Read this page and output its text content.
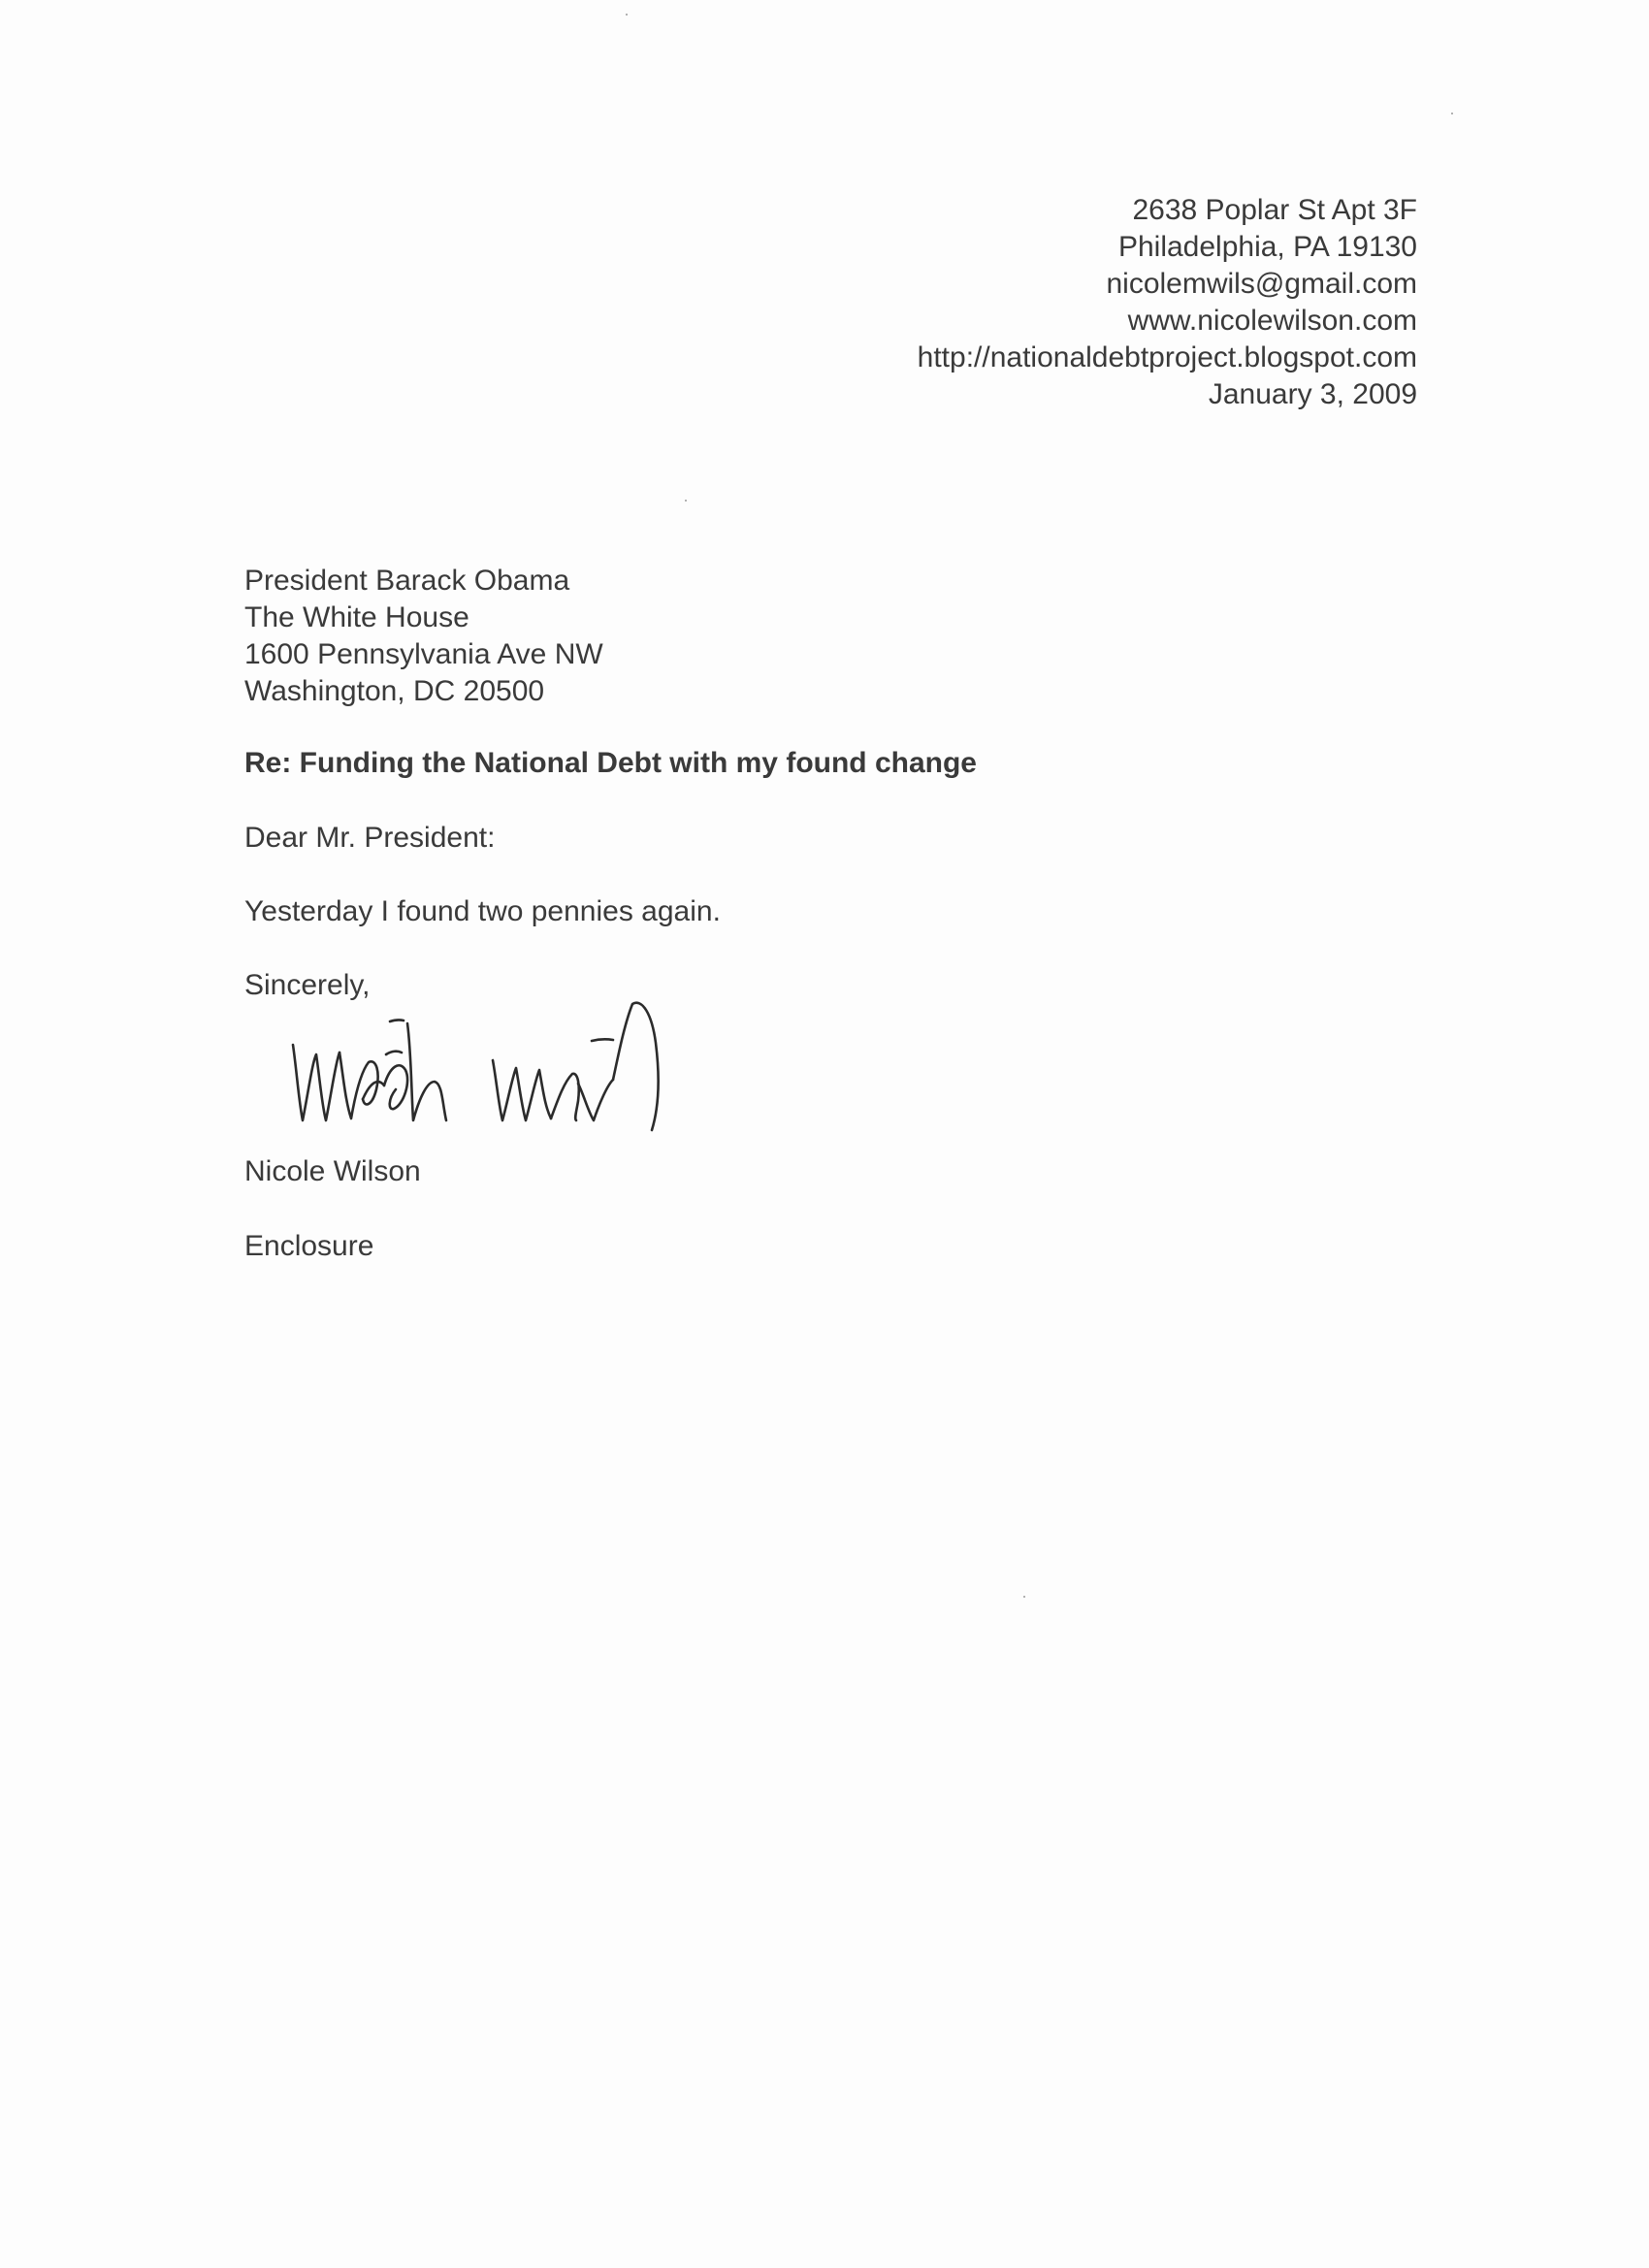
2638 Poplar St Apt 3F
Philadelphia, PA 19130
nicolemwils@gmail.com
www.nicolewilson.com
http://nationaldebtproject.blogspot.com
January 3, 2009
President Barack Obama
The White House
1600 Pennsylvania Ave NW
Washington, DC 20500
Re: Funding the National Debt with my found change
Dear Mr. President:
Yesterday I found two pennies again.
Sincerely,
Nicole Wilson
Enclosure
